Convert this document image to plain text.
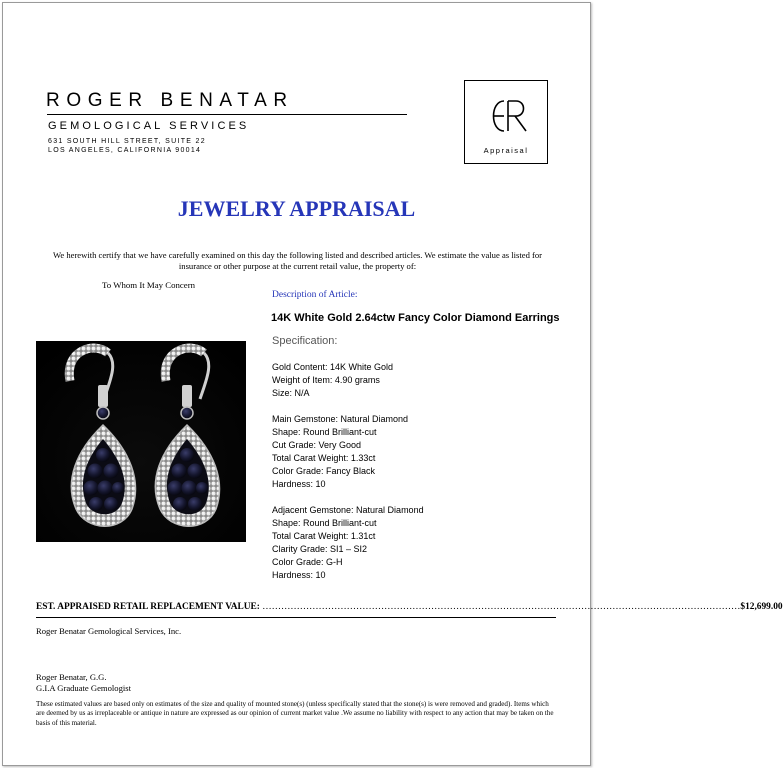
ROGER BENATAR
GEMOLOGICAL SERVICES
631 SOUTH HILL STREET, SUITE 22
LOS ANGELES, CALIFORNIA 90014	Appraisal
JEWELRY APPRAISAL
We herewith certify that we have carefully examined on this day the following listed and described articles. We estimate the value as listed for insurance or other purpose at the current retail value, the property of:
To Whom It May Concern
Description of Article:
14K White Gold 2.64ctw Fancy Color Diamond Earrings
Specification:
Gold Content: 14K White Gold
Weight of Item: 4.90 grams
Size: N/A
Main Gemstone: Natural Diamond
Shape: Round Brilliant-cut
Cut Grade: Very Good
Total Carat Weight: 1.33ct
Color Grade: Fancy Black
Hardness: 10
Adjacent Gemstone: Natural Diamond
Shape: Round Brilliant-cut
Total Carat Weight: 1.31ct
Clarity Grade: SI1 – SI2
Color Grade: G-H
Hardness: 10
EST. APPRAISED RETAIL REPLACEMENT VALUE: ………………………………………………………………………………………………………………………………………$12,699.00
Roger Benatar Gemological Services, Inc.
Roger Benatar, G.G.
G.I.A Graduate Gemologist
These estimated values are based only on estimates of the size and quality of mounted stone(s) (unless specifically stated that the stone(s) is were removed and graded). Items which are deemed by us as irreplaceable or antique in nature are expressed as our opinion of current market value .We assume no liability with respect to any action that may be taken on the basis of this material.
